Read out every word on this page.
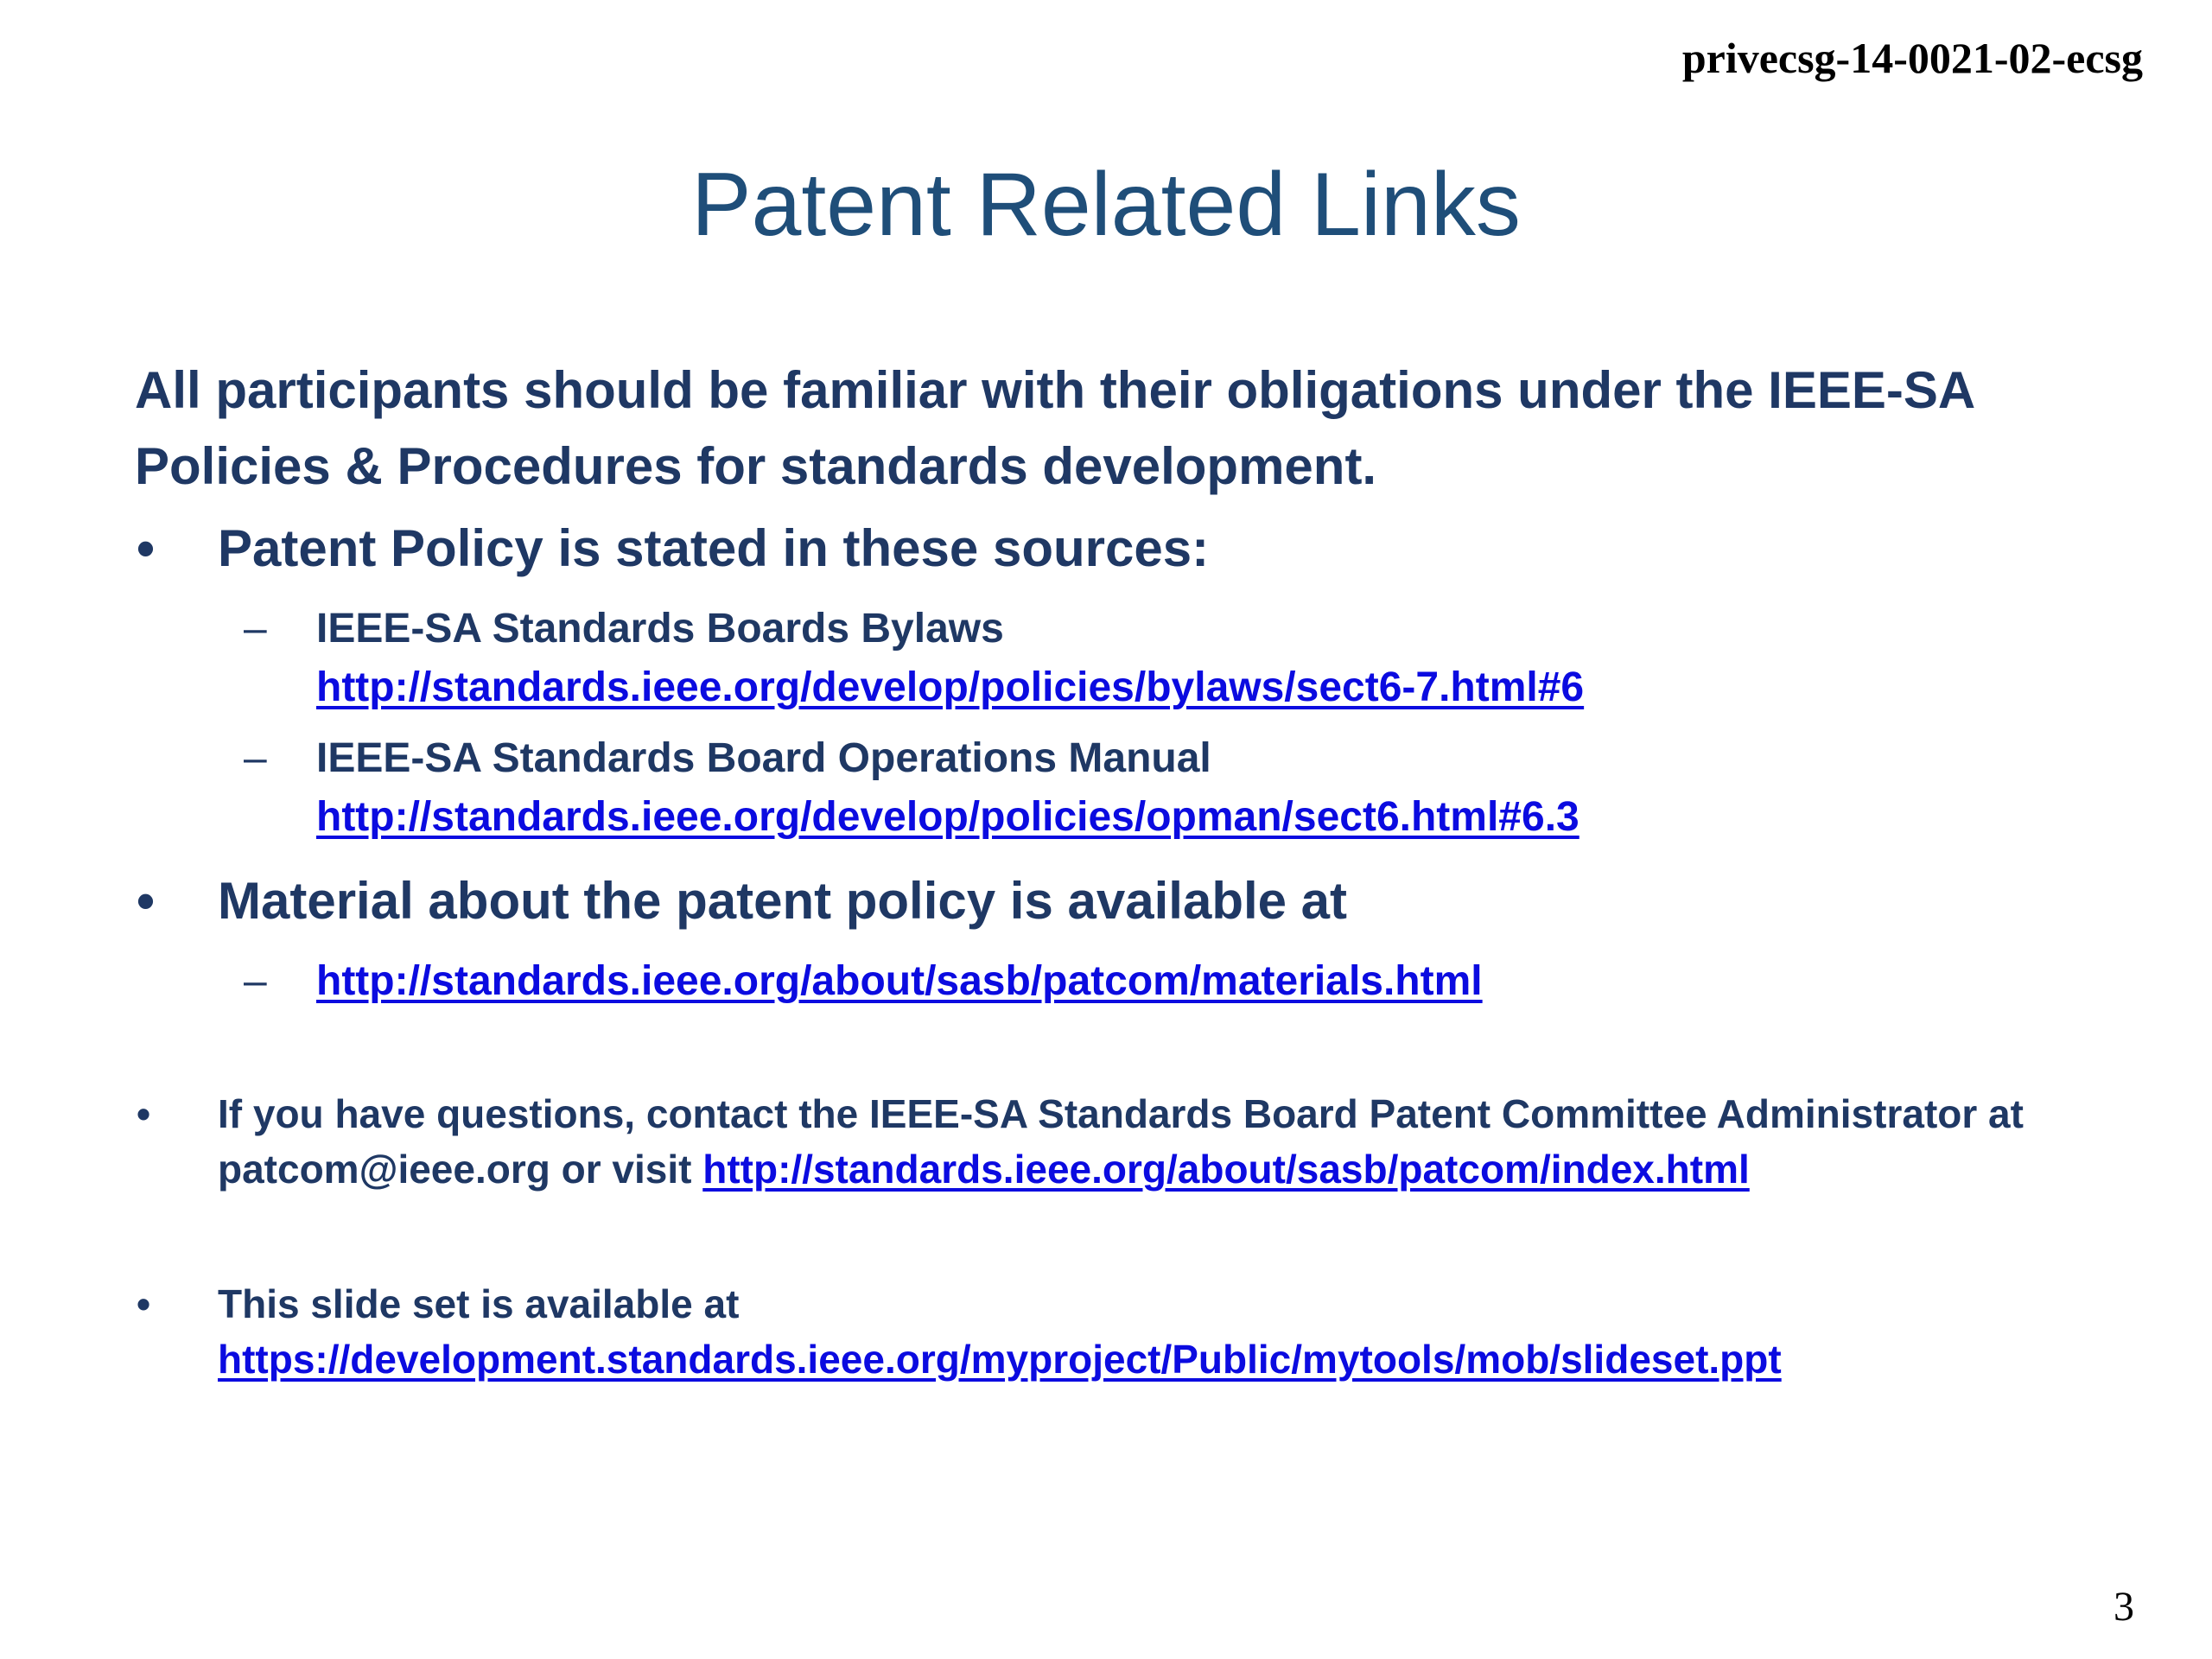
privecsg-14-0021-02-ecsg
Patent Related Links
All participants should be familiar with their obligations under the IEEE-SA
Policies & Procedures for standards development.
• Patent Policy is stated in these sources:
– IEEE-SA Standards Boards Bylaws
http://standards.ieee.org/develop/policies/bylaws/sect6-7.html#6
– IEEE-SA Standards Board Operations Manual
http://standards.ieee.org/develop/policies/opman/sect6.html#6.3
• Material about the patent policy is available at
– http://standards.ieee.org/about/sasb/patcom/materials.html
• If you have questions, contact the IEEE-SA Standards Board Patent Committee Administrator at
patcom@ieee.org or visit http://standards.ieee.org/about/sasb/patcom/index.html
• This slide set is available at
https://development.standards.ieee.org/myproject/Public/mytools/mob/slideset.ppt
3
